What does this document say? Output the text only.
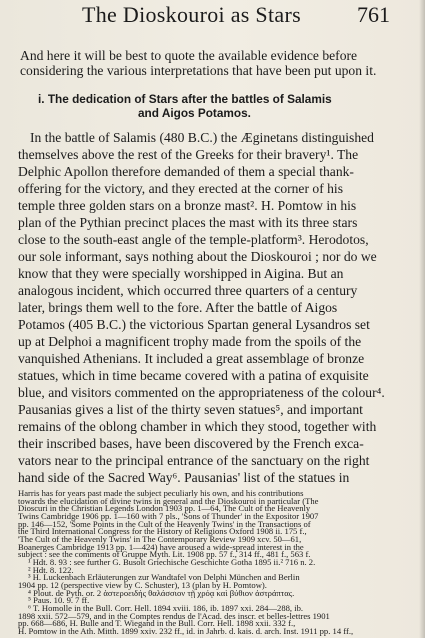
The Dioskouroi as Stars	761
And here it will be best to quote the available evidence before
considering the various interpretations that have been put upon it.
i. The dedication of Stars after the battles of Salamis
and Aigos Potamos.
In the battle of Salamis (480 B.C.) the Æginetans distinguished
themselves above the rest of the Greeks for their bravery¹. The
Delphic Apollon therefore demanded of them a special thank-
offering for the victory, and they erected at the corner of his
temple three golden stars on a bronze mast². H. Pomtow in his
plan of the Pythian precinct places the mast with its three stars
close to the south-east angle of the temple-platform³. Herodotos,
our sole informant, says nothing about the Dioskouroi ; nor do we
know that they were specially worshipped in Aigina. But an
analogous incident, which occurred three quarters of a century
later, brings them well to the fore. After the battle of Aigos
Potamos (405 B.C.) the victorious Spartan general Lysandros set
up at Delphoi a magnificent trophy made from the spoils of the
vanquished Athenians. It included a great assemblage of bronze
statues, which in time became covered with a patina of exquisite
blue, and visitors commented on the appropriateness of the colour⁴.
Pausanias gives a list of the thirty seven statues⁵, and important
remains of the oblong chamber in which they stood, together with
their inscribed bases, have been discovered by the French exca-
vators near to the principal entrance of the sanctuary on the right
hand side of the Sacred Way⁶. Pausanias' list of the statues in
Harris has for years past made the subject peculiarly his own, and his contributions
towards the elucidation of divine twins in general and the Dioskouroi in particular (The
Dioscuri in the Christian Legends London 1903 pp. 1—64, The Cult of the Heavenly
Twins Cambridge 1906 pp. 1—160 with 7 pls., 'Sons of Thunder' in the Expositor 1907
pp. 146—152, 'Some Points in the Cult of the Heavenly Twins' in the Transactions of
the Third International Congress for the History of Religions Oxford 1908 ii. 175 f.,
'The Cult of the Heavenly Twins' in The Contemporary Review 1909 xcv. 50—61,
Boanerges Cambridge 1913 pp. 1—424) have aroused a wide-spread interest in the
subject : see the comments of Gruppe Myth. Lit. 1908 pp. 57 f., 314 ff., 481 f., 563 f.
¹ Hdt. 8. 93 : see further G. Busolt Griechische Geschichte Gotha 1895 ii.² 716 n. 2.
² Hdt. 8. 122.
³ H. Luckenbach Erläuterungen zur Wandtafel von Delphi München and Berlin
1904 pp. 12 (perspective view by C. Schuster), 13 (plan by H. Pomtow).
⁴ Plout. de Pyth. or. 2 ἀστεροειδής θαλάσσιον τῇ χρόᾳ καὶ βύθιον ἀστράπτας.
⁵ Paus. 10. 9. 7 ff.
⁶ T. Homolle in the Bull. Corr. Hell. 1894 xviii. 186, ib. 1897 xxi. 284—288, ib.
1898 xxii. 572—579, and in the Comptes rendus de l'Acad. des inscr. et belles-lettres 1901
pp. 668—686, H. Bulle and T. Wiegand in the Bull. Corr. Hell. 1898 xxii. 332 f.,
H. Pomtow in the Ath. Mitth. 1899 xxiv. 232 ff., id. in Jahrb. d. kais. d. arch. Inst. 1911 pp. 14 ff.,
